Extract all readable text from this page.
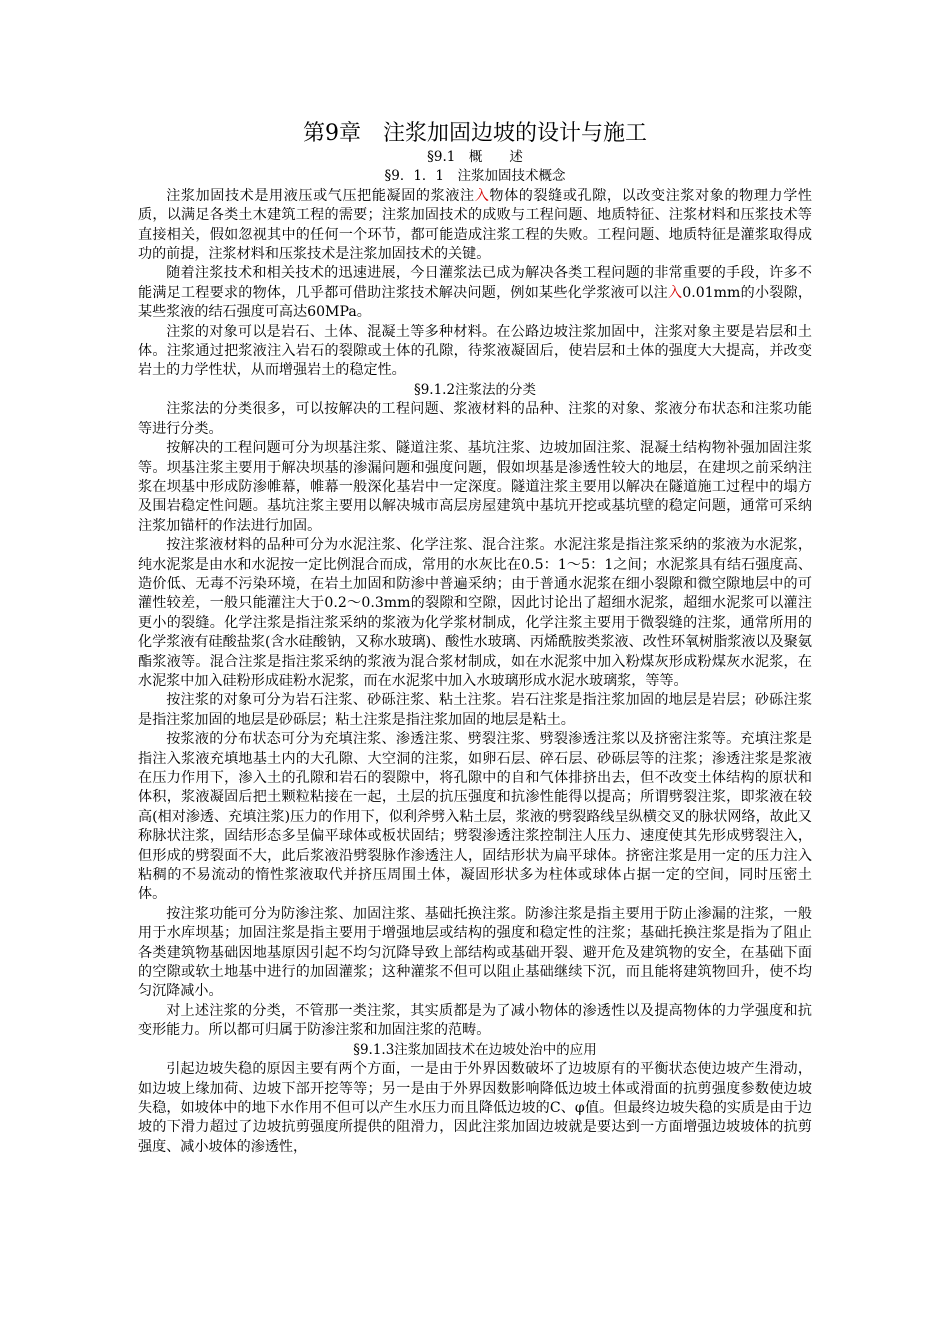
第9章　注浆加固边坡的设计与施工
§9.1　概　　述
§9．1．1　注浆加固技术概念

注浆加固技术是用液压或气压把能凝固的浆液注入物体的裂缝或孔隙，以改变注浆对象的物理力学性质，以满足各类土木建筑工程的需要；注浆加固技术的成败与工程问题、地质特征、注浆材料和压浆技术等直接相关，假如忽视其中的任何一个环节，都可能造成注浆工程的失败。工程问题、地质特征是灌浆取得成功的前提，注浆材料和压浆技术是注浆加固技术的关键。

随着注浆技术和相关技术的迅速进展，今日灌浆法已成为解决各类工程问题的非常重要的手段，许多不能满足工程要求的物体，几乎都可借助注浆技术解决问题，例如某些化学浆液可以注入0.01mm的小裂隙，某些浆液的结石强度可高达60MPa。

注浆的对象可以是岩石、土体、混凝土等多种材料。在公路边坡注浆加固中，注浆对象主要是岩层和土体。注浆通过把浆液注入岩石的裂隙或土体的孔隙，待浆液凝固后，使岩层和土体的强度大大提高，并改变岩土的力学性状，从而增强岩土的稳定性。

§9.1.2注浆法的分类

注浆法的分类很多，可以按解决的工程问题、浆液材料的品种、注浆的对象、浆液分布状态和注浆功能等进行分类。

按解决的工程问题可分为坝基注浆、隧道注浆、基坑注浆、边坡加固注浆、混凝土结构物补强加固注浆等。坝基注浆主要用于解决坝基的渗漏问题和强度问题，假如坝基是渗透性较大的地层，在建坝之前采纳注浆在坝基中形成防渗帷幕，帷幕一般深化基岩中一定深度。隧道注浆主要用以解决在隧道施工过程中的塌方及围岩稳定性问题。基坑注浆主要用以解决城市高层房屋建筑中基坑开挖或基坑壁的稳定问题，通常可采纳注浆加锚杆的作法进行加固。

按注浆液材料的品种可分为水泥注浆、化学注浆、混合注浆。水泥注浆是指注浆采纳的浆液为水泥浆，纯水泥浆是由水和水泥按一定比例混合而成，常用的水灰比在0.5：1～5：1之间；水泥浆具有结石强度高、造价低、无毒不污染环境，在岩土加固和防渗中普遍采纳；由于普通水泥浆在细小裂隙和微空隙地层中的可灌性较差，一般只能灌注大于0.2～0.3mm的裂隙和空隙，因此讨论出了超细水泥浆，超细水泥浆可以灌注更小的裂缝。化学注浆是指注浆采纳的浆液为化学浆材制成，化学注浆主要用于微裂缝的注浆，通常所用的化学浆液有硅酸盐浆(含水硅酸钠，又称水玻璃)、酸性水玻璃、丙烯酰胺类浆液、改性环氧树脂浆液以及聚氨酯浆液等。混合注浆是指注浆采纳的浆液为混合浆材制成，如在水泥浆中加入粉煤灰形成粉煤灰水泥浆，在水泥浆中加入硅粉形成硅粉水泥浆，而在水泥浆中加入水玻璃形成水泥水玻璃浆，等等。

按注浆的对象可分为岩石注浆、砂砾注浆、粘土注浆。岩石注浆是指注浆加固的地层是岩层；砂砾注浆是指注浆加固的地层是砂砾层；粘土注浆是指注浆加固的地层是粘土。

按浆液的分布状态可分为充填注浆、渗透注浆、劈裂注浆、劈裂渗透注浆以及挤密注浆等。充填注浆是指注入浆液充填地基土内的大孔隙、大空洞的注浆，如卵石层、碎石层、砂砾层等的注浆；渗透注浆是浆液在压力作用下，渗入土的孔隙和岩石的裂隙中，将孔隙中的自和气体排挤出去，但不改变土体结构的原状和体积，浆液凝固后把土颗粒粘接在一起，土层的抗压强度和抗渗性能得以提高；所谓劈裂注浆，即浆液在较高(相对渗透、充填注浆)压力的作用下，似利斧劈入粘土层，浆液的劈裂路线呈纵横交叉的脉状网络，故此又称脉状注浆，固结形态多呈偏平球体或板状固结；劈裂渗透注浆控制注人压力、速度使其先形成劈裂注入，但形成的劈裂面不大，此后浆液沿劈裂脉作渗透注人，固结形状为扁平球体。挤密注浆是用一定的压力注入粘稠的不易流动的惰性浆液取代并挤压周围土体，凝固形状多为柱体或球体占据一定的空间，同时压密土体。

按注浆功能可分为防渗注浆、加固注浆、基础托换注浆。防渗注浆是指主要用于防止渗漏的注浆，一般用于水库坝基；加固注浆是指主要用于增强地层或结构的强度和稳定性的注浆；基础托换注浆是指为了阻止各类建筑物基础因地基原因引起不均匀沉降导致上部结构或基础开裂、避开危及建筑物的安全，在基础下面的空隙或软土地基中进行的加固灌浆；这种灌浆不但可以阻止基础继续下沉，而且能将建筑物回升，使不均匀沉降减小。

对上述注浆的分类，不管那一类注浆，其实质都是为了减小物体的渗透性以及提高物体的力学强度和抗变形能力。所以都可归属于防渗注浆和加固注浆的范畴。

§9.1.3注浆加固技术在边坡处治中的应用

引起边坡失稳的原因主要有两个方面，一是由于外界因数破坏了边坡原有的平衡状态使边坡产生滑动，如边坡上缘加荷、边坡下部开挖等等；另一是由于外界因数影响降低边坡土体或滑面的抗剪强度参数使边坡失稳，如坡体中的地下水作用不但可以产生水压力而且降低边坡的C、φ值。但最终边坡失稳的实质是由于边坡的下滑力超过了边坡抗剪强度所提供的阻滑力，因此注浆加固边坡就是要达到一方面增强边坡坡体的抗剪强度、减小坡体的渗透性，
